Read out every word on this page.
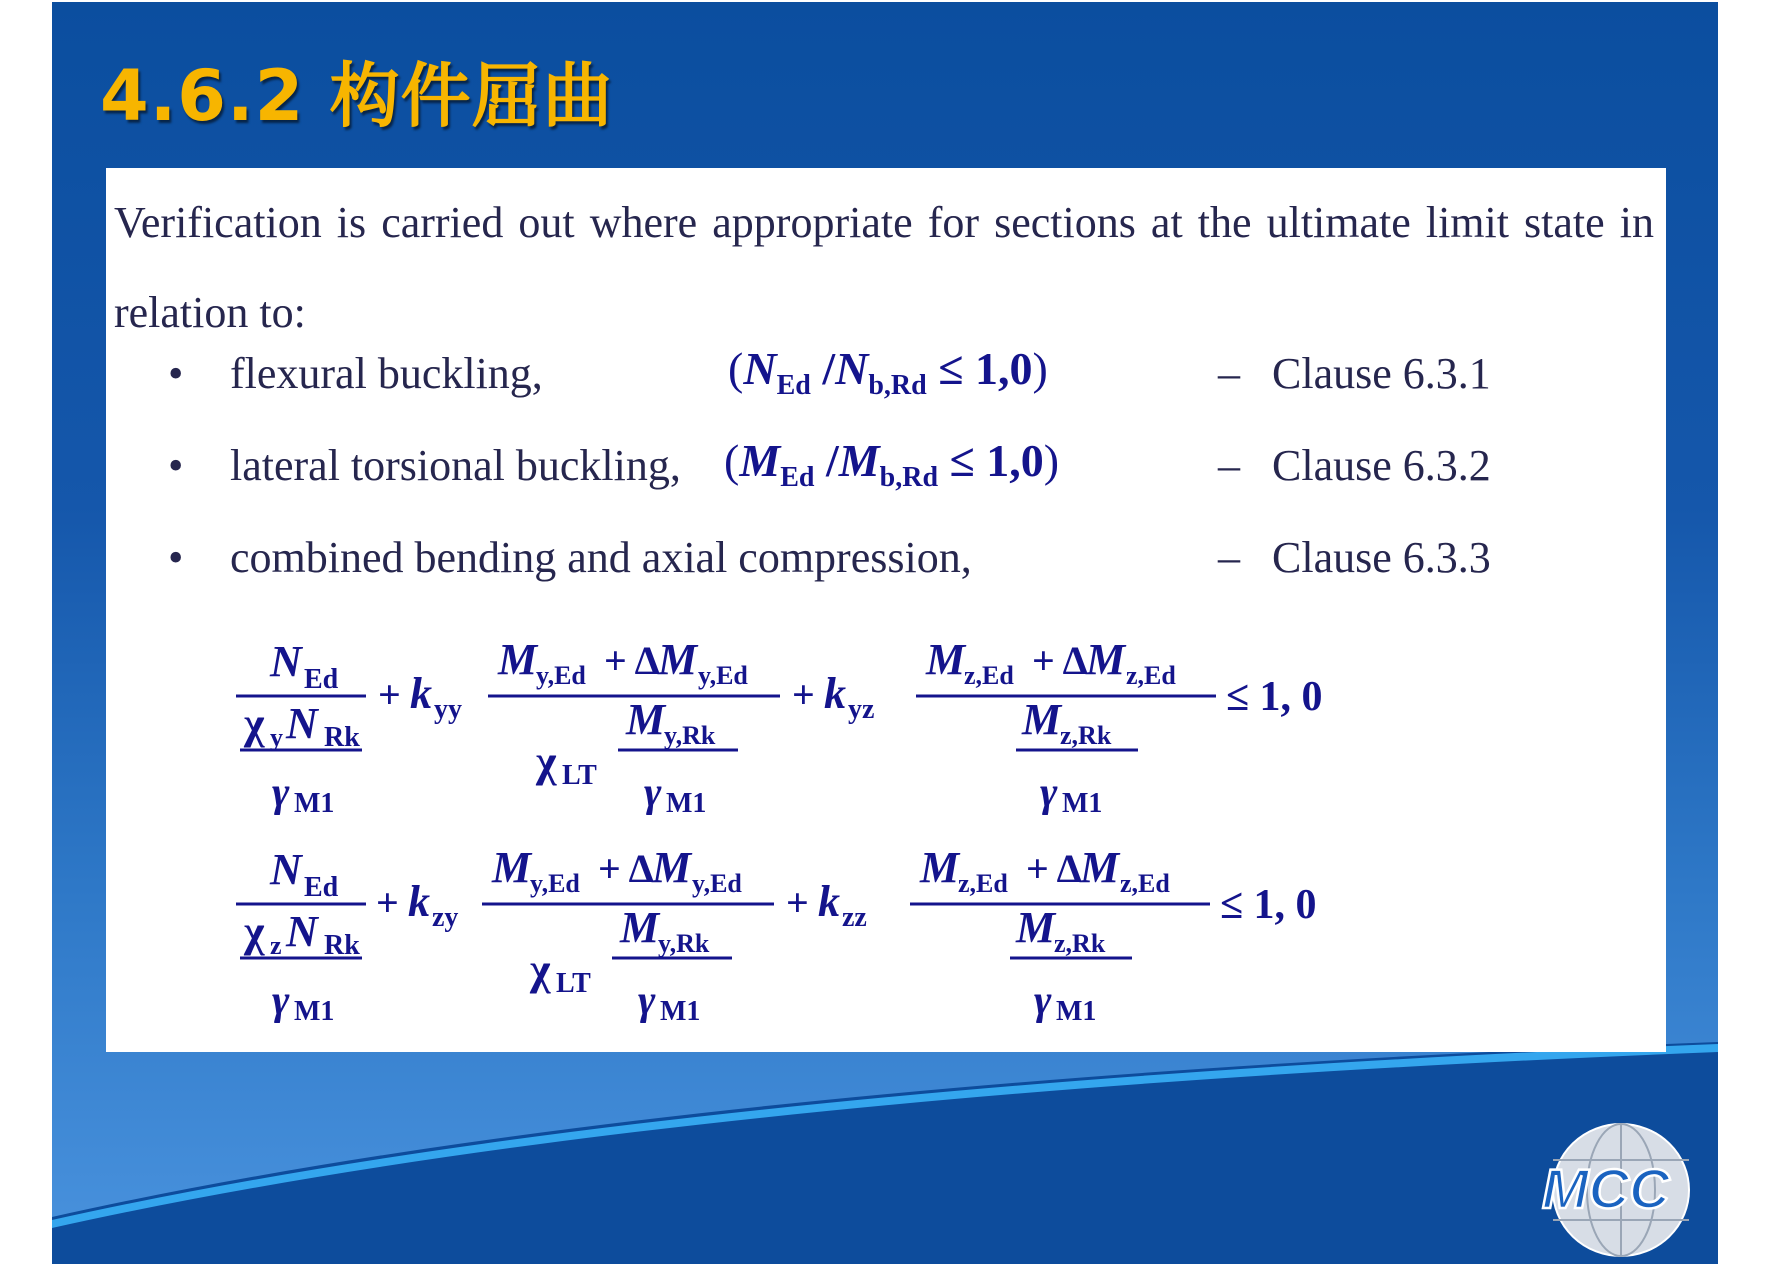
4.6.2 构件屈曲
MCC

Verification is carried out where appropriate for sections at the ultimate limit state in relation to:

• flexural buckling,	($N_{Ed}$ $/N_{b,Rd} \le 1,0$)	– Clause 6.3.1
• lateral torsional buckling, ($M_{Ed}$ $/M_{b,Rd} \le 1,0$)	– Clause 6.3.2
• combined bending and axial compression,	– Clause 6.3.3
N Ed
χ y N Rk
γ M1
+ k yy
M
y,Ed + Δ
M y,Ed
M
y,Rk
χ LT γ M1
+ k yz
M
z,Ed + Δ
M z,Ed
M
z,Rk
γ M1
≤ 1, 0
N Ed
χ z N Rk
γ M1
+ k zy
M
y,Ed + Δ
M y,Ed
M
y,Rk
χ LT γ M1
+ k zz
M
z,Ed + Δ
M z,Ed
M
z,Rk
γ M1
≤ 1, 0
